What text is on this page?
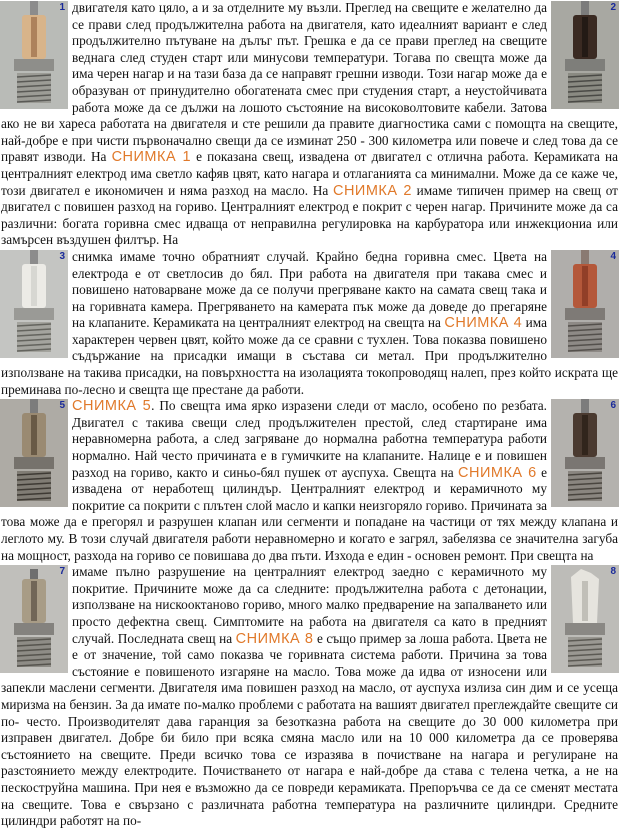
1	2

двигателя като цяло, а и за отделните му възли. Преглед на свещите е желателно да се прави след продължителна работа на двигателя, като идеалният вариант е след продължително пътуване на дълъг път. Грешка е да се прави преглед на свещите веднага след студен старт или минусови температури. Тогава по свещта може да има черен нагар и на тази база да се направят грешни изводи. Този нагар може да е образуван от принудително обогатената смес при студения старт, а неустойчивата работа може да се дължи на лошото състояние на високоволтовите кабели. Затова ако не ви хареса работата на двигателя и сте решили да правите диагностика сами с помощта на свещите, най-добре е при чисти първоначално свещи да се изминат 250 - 300 километра или повече и след това да се правят изводи. На СНИМКА 1 е показана свещ, извадена от двигател с отлична работа. Керамиката на централният електрод има светло кафяв цвят, като нагара и отлаганията са минимални. Може да се каже че, този двигател е икономичен и няма разход на масло. На СНИМКА 2 имаме типичен пример на свещ от двигател с повишен разход на гориво. Централният електрод е покрит с черен нагар. Причините може да са различни: богата горивна смес идваща от неправилна регулировка на карбуратора или инжекциониа или замърсен въздушен филтър. На

3	4

снимка имаме точно обратният случай. Крайно бедна горивна смес. Цвета на електрода е от светлосив до бял. При работа на двигателя при такава смес и повишено натоварване може да се получи прегряване както на самата свещ така и на горивната камера. Прегряването на камерата пък може да доведе до прегаряне на клапаните. Керамиката на централният електрод на свещта на СНИМКА 4 има характерен червен цвят, който може да се сравни с тухлен. Това показва повишено съдържание на присадки имащи в състава си метал. При продължително използване на такива присадки, на повърхността на изолацията токопроводящ налеп, през който искрата ще преминава по-лесно и свещта ще престане да работи.

5	6

СНИМКА 5. По свещта има ярко изразени следи от масло, особено по резбата. Двигател с такива свещи след продължителен престой, след стартиране има неравномерна работа, а след загряване до нормална работна температура работи нормално. Най често причината е в гумичките на клапаните. Налице е и повишен разход на гориво, както и синьо-бял пушек от ауспуха. Свещта на СНИМКА 6 е извадена от неработещ цилиндър. Централният електрод и керамичното му покритие са покрити с плътен слой масло и капки неизгоряло гориво. Причината за това може да е прегорял и разрушен клапан или сегменти и попадане на частици от тях между клапана и леглото му. В този случай двигателя работи неравномерно и когато е загрял, забелязва се значителна загуба на мощност, разхода на гориво се повишава до два пъти. Изхода е един - основен ремонт. При свещта на

7	8

имаме пълно разрушение на централният електрод заедно с керамичното му покритие. Причините може да са следните: продължителна работа с детонации, използване на нискооктаново гориво, много малко предварение на запалването или просто дефектна свещ. Симптомите на работа на двигателя са като в предният случай. Последната свещ на СНИМКА 8 е също пример за лоша работа. Цвета не е от значение, той само показва че горивната система работи. Причина за това състояние е повишеното изгаряне на масло. Това може да идва от износени или запекли маслени сегменти. Двигателя има повишен разход на масло, от ауспуха излиза син дим и се усеща миризма на бензин. За да имате по-малко проблеми с работата на вашият двигател преглеждайте свещите си по- често. Производителят дава гаранция за безотказна работа на свещите до 30 000 километра при изправен двигател. Добре би било при всяка смяна масло или на 10 000 километра да се проверява състоянието на свещите. Преди всичко това се изразява в почистване на нагара и регулиране на разстоянието между електродите. Почистването от нагара е най-добре да става с телена четка, а не на пескоструйна машина. При нея е възможно да се повреди керамиката. Препоръчва се да се сменят местата на свещите. Това е свързано с различната работна температура на различните цилиндри. Средните цилиндри работят на по-
